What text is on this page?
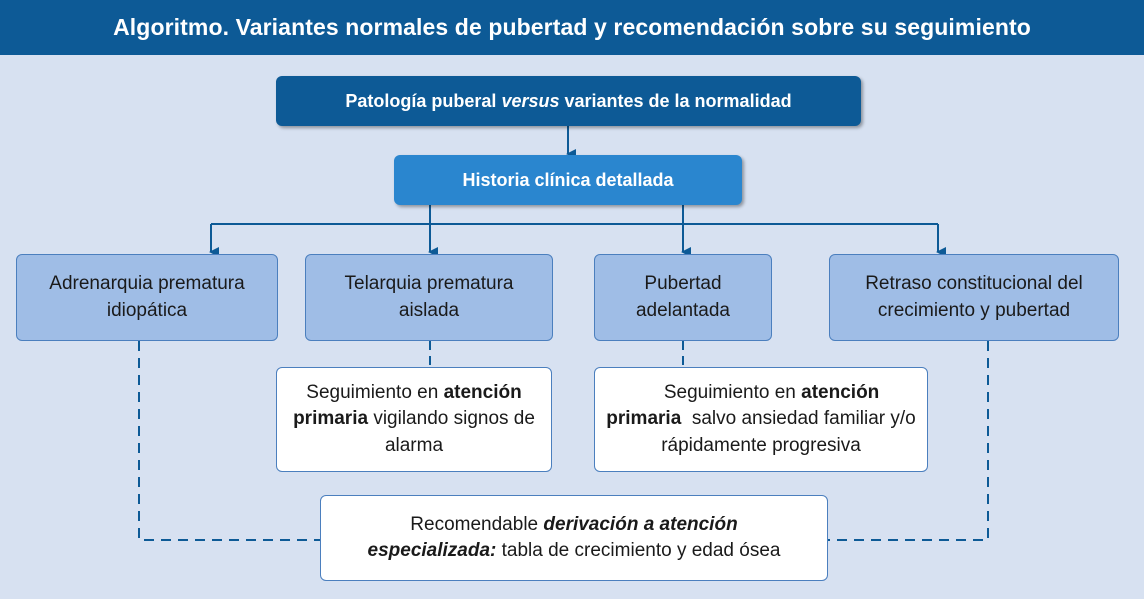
Algoritmo. Variantes normales de pubertad y recomendación sobre su seguimiento
Patología puberal versus variantes de la normalidad
Historia clínica detallada
Adrenarquia prematura
idiopática
Telarquia prematura
aislada
Pubertad
adelantada
Retraso constitucional del
crecimiento y pubertad
Seguimiento en atención primaria vigilando signos de alarma

Seguimiento en atención primaria  salvo ansiedad familiar y/o rápidamente progresiva

Recomendable derivación a atención especializada: tabla de crecimiento y edad ósea
